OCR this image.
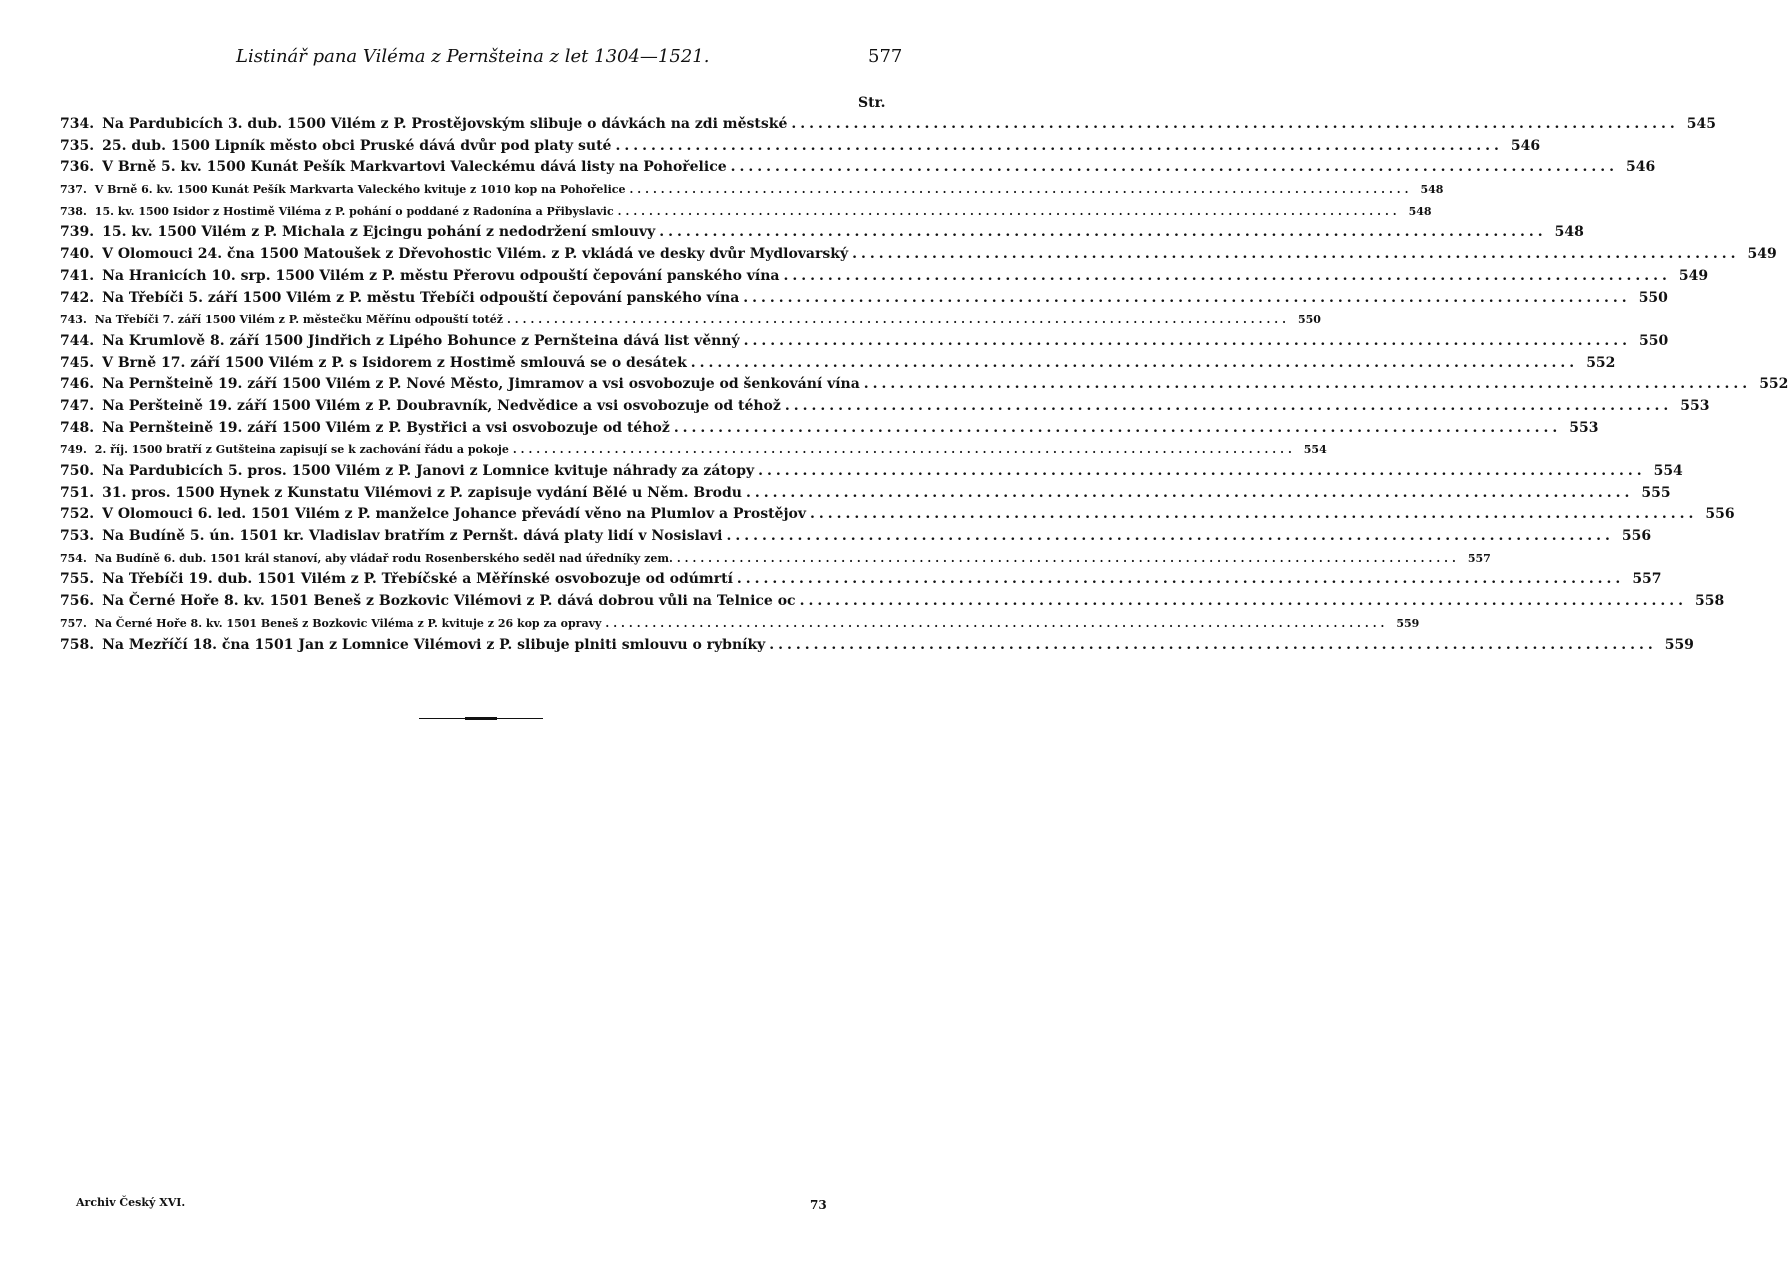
Listinář pana Viléma z Pernšteina z let 1304—1521.	577
Str.
734. Na Pardubicích 3. dub. 1500 Vilém z P. Prostějovským slibuje o dávkách na zdi městské .....	545
735. 25. dub. 1500 Lipník město obci Pruské dává dvůr pod platy suté .....	546
736. V Brně 5. kv. 1500 Kunát Pešík Markvartovi Valeckému dává listy na Pohořelice .....	546
737. V Brně 6. kv. 1500 Kunát Pešík Markvarta Valeckého kvituje z 1010 kop na Pohořelice .....	548
738. 15. kv. 1500 Isidor z Hostimě Viléma z P. pohání o poddané z Radonína a Přibyslavic .....	548
739. 15. kv. 1500 Vilém z P. Michala z Ejcingu pohání z nedodržení smlouvy .....	548
740. V Olomouci 24. čna 1500 Matoušek z Dřevohostic Vilém. z P. vkládá ve desky dvůr Mydlovarský .....	549
741. Na Hranicích 10. srp. 1500 Vilém z P. městu Přerovu odpouští čepování panského vína .....	549
742. Na Třebíči 5. září 1500 Vilém z P. městu Třebíči odpouští čepování panského vína .....	550
743. Na Třebíči 7. září 1500 Vilém z P. městečku Měřínu odpouští totéž .....	550
744. Na Krumlově 8. září 1500 Jindřich z Lipého Bohunce z Pernšteina dává list věnný .....	550
745. V Brně 17. září 1500 Vilém z P. s Isidorem z Hostimě smlouvá se o desátek .....	552
746. Na Pernšteině 19. září 1500 Vilém z P. Nové Město, Jimramov a vsi osvobozuje od šenkování vína .....	552
747. Na Peršteině 19. září 1500 Vilém z P. Doubravník, Nedvědice a vsi osvobozuje od téhož .....	553
748. Na Pernšteině 19. září 1500 Vilém z P. Bystřici a vsi osvobozuje od téhož .....	553
749. 2. říj. 1500 bratří z Gutšteina zapisují se k zachování řádu a pokoje .....	554
750. Na Pardubicích 5. pros. 1500 Vilém z P. Janovi z Lomnice kvituje náhrady za zátopy .....	554
751. 31. pros. 1500 Hynek z Kunstatu Vilémovi z P. zapisuje vydání Bělé u Něm. Brodu .....	555
752. V Olomouci 6. led. 1501 Vilém z P. manželce Johance převádí věno na Plumlov a Prostějov .....	556
753. Na Budíně 5. ún. 1501 kr. Vladislav bratřím z Pernšt. dává platy lidí v Nosislavi .....	556
754. Na Budíně 6. dub. 1501 král stanoví, aby vládař rodu Rosenberského seděl nad úředníky zem. .....	557
755. Na Třebíči 19. dub. 1501 Vilém z P. Třebíčské a Měřínské osvobozuje od odúmrtí .....	557
756. Na Černé Hoře 8. kv. 1501 Beneš z Bozkovic Vilémovi z P. dává dobrou vůli na Telnice oc .....	558
757. Na Černé Hoře 8. kv. 1501 Beneš z Bozkovic Viléma z P. kvituje z 26 kop za opravy .....	559
758. Na Mezříčí 18. čna 1501 Jan z Lomnice Vilémovi z P. slibuje plniti smlouvu o rybníky .....	559
Archiv Český XVI.	73
